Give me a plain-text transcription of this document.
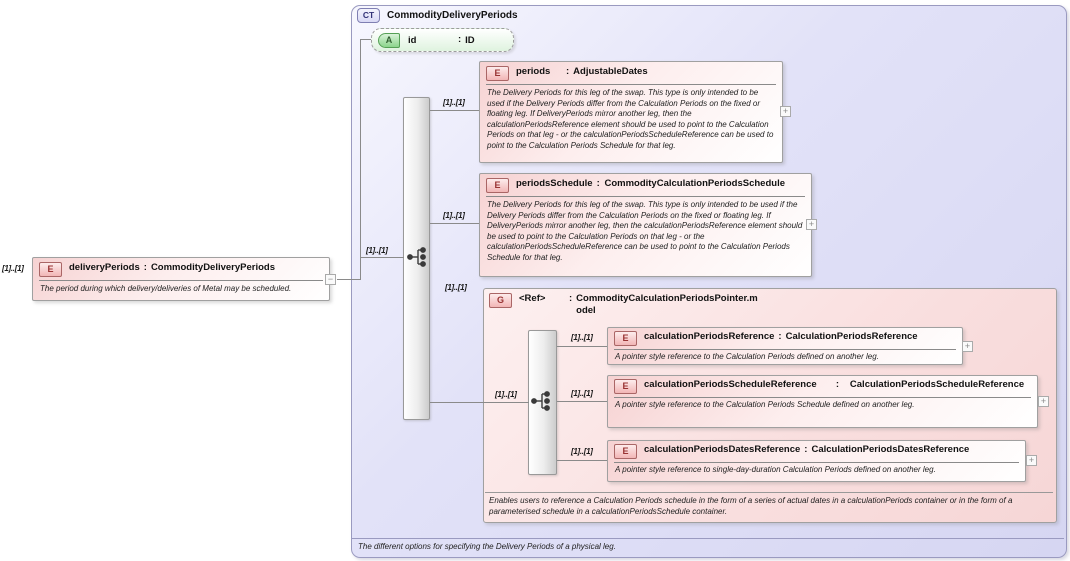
CT	CommodityDeliveryPeriods
The different options for specifying the Delivery Periods of a physical leg.
A	id	: ID
E	deliveryPeriods : CommodityDeliveryPeriods
The period during which delivery/deliveries of Metal may be scheduled.
E	periods	: AdjustableDates
The Delivery Periods for this leg of the swap. This type is only intended to be used if the Delivery Periods differ from the Calculation Periods on the fixed or floating leg. If DeliveryPeriods mirror another leg, then the calculationPeriodsReference element should be used to point to the Calculation Periods on that leg - or the calculationPeriodsScheduleReference can be used to point to the Calculation Periods Schedule for that leg.
E	periodsSchedule : CommodityCalculationPeriodsSchedule
The Delivery Periods for this leg of the swap. This type is only intended to be used if the Delivery Periods differ from the Calculation Periods on the fixed or floating leg. If DeliveryPeriods mirror another leg, then the calculationPeriodsReference element should be used to point to the Calculation Periods on that leg - or the calculationPeriodsScheduleReference can be used to point to the Calculation Periods Schedule for that leg.
G	<Ref>	: CommodityCalculationPeriodsPointer.model
Enables users to reference a Calculation Periods schedule in the form of a series of actual dates in a calculationPeriods container or in the form of a parameterised schedule in a calculationPeriodsSchedule container.
E	calculationPeriodsReference : CalculationPeriodsReference
A pointer style reference to the Calculation Periods defined on another leg.
E	calculationPeriodsScheduleReference	:	CalculationPeriodsScheduleReference
A pointer style reference to the Calculation Periods Schedule defined on another leg.
E	calculationPeriodsDatesReference : CalculationPeriodsDatesReference
A pointer style reference to single-day-duration Calculation Periods defined on another leg.
[1]..[1]
[1]..[1]
[1]..[1]
[1]..[1]
[1]..[1]
[1]..[1]
[1]..[1]
[1]..[1]
[1]..[1]
−
+
+
+
+
+
